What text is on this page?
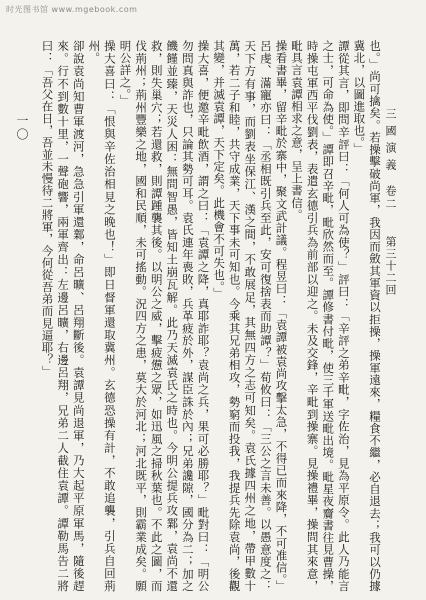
时光图书馆 www.mgebook.com
三國演義
卷二
第三十二回
一〇	也。」尚可擒矣。若操擊破尚軍，我因而斂其軍資以拒操，操軍遠來，糧食不繼，必自退去；我可以仍據冀北，以圖進取也。」

譚從其言，即問辛評曰：「何人可為使？」評曰：「辛評之弟辛毗，字佐治，見為平原令。此人乃能言之士，可命為使。」譚即召辛毗，毗欣然而至。譚修書付毗，使三千軍送毗出境。毗星夜齎書往見曹操，時操屯軍西平伐劉表，表遣玄德引兵為前部以迎之。未及交鋒，辛毗到操寨。見操禮畢，操問其來意，毗具言袁譚相求之意，呈上書信。

操看書畢，留辛毗於寨中，聚文武計議。程昱曰：「袁譚被袁尚攻擊太急，不得已而來降，不可准信。」呂虔、滿寵亦曰：「丞相既引兵至此，安可復捨表而助譚？」荀攸曰：「三公之言未善。以愚意度之：天下方有事，而劉表坐保江、漢之間，不敢展足，其無四方之志可知矣。袁氏據四州之地，帶甲數十萬，若二子和睦，共守成業，天下事未可知也。今乘其兄弟相攻，勢窮而投我，我提兵先除袁尚，後觀其變，并滅袁譚，天下定矣。此機會不可失也。」

操大喜，便邀辛毗飲酒，謂之曰：「袁譚之降，真耶詐耶？袁尚之兵，果可必勝耶？」毗對曰：「明公勿問真與詐也，只論其勢可耳。袁氏連年喪敗，兵革疲於外，謀臣誅於內；兄弟讒隙，國分為二；加之饑饉並臻，天災人困：無問智愚，皆知土崩瓦解。此乃天滅袁氏之時也。今明公提兵攻鄴，袁尚不還救，則失巢穴；若還救，則譚踵襲其後。以明公之威，擊疲憊之眾，如迅風之掃秋葉也。不此之圖，而伐荊州；荊州豐樂之地，國和民順，未可搖動。況四方之患，莫大於河北；河北既平，則霸業成矣。願明公詳之。」

操大喜曰：「恨與辛佐治相見之晚也！」即日督軍還取冀州。玄德恐操有計，不敢追襲，引兵自回荊州。

卻說袁尚知曹軍渡河，急急引軍還鄴，命呂曠、呂翔斷後。袁譚見尚退軍，乃大起平原軍馬，隨後趕來。行不到數十里，一聲砲響，兩軍齊出：左邊呂曠，右邊呂翔，兄弟二人截住袁譚。譚勒馬告二將曰：「吾父在日，吾並未慢待二將軍，今何從吾弟而見逼耶？」
